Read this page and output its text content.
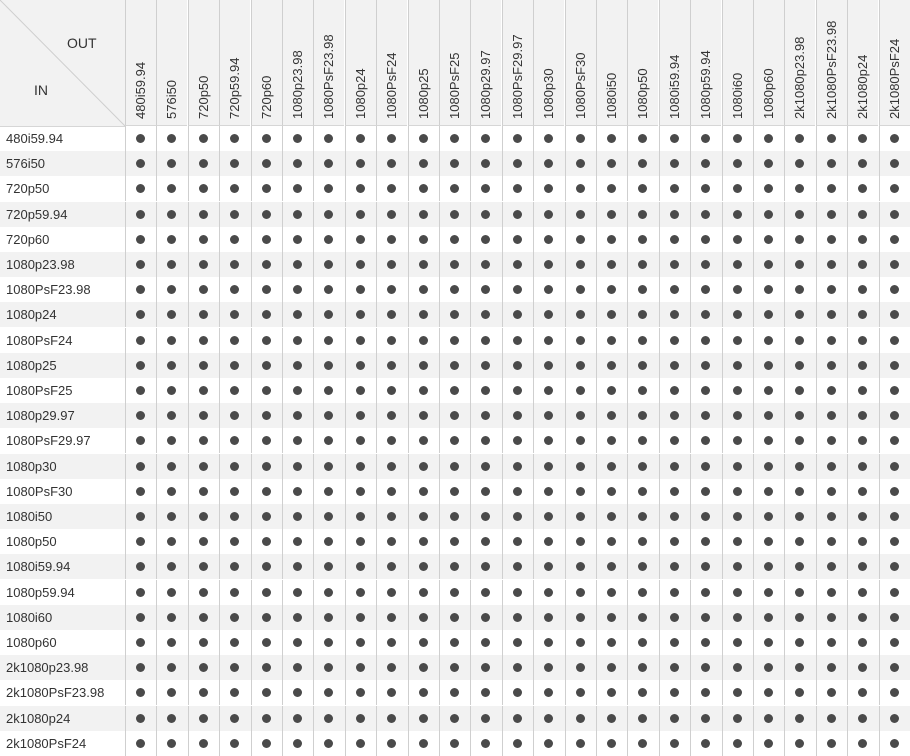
OUT
IN	480i59.94 576i50 720p50 720p59.94 720p60 1080p23.98 1080PsF23.98 1080p24 1080PsF24 1080p25 1080PsF25 1080p29.97 1080PsF29.97 1080p30 1080PsF30 1080i50 1080p50 1080i59.94 1080p59.94 1080i60 1080p60 2k1080p23.98 2k1080PsF23.98 2k1080p24 2k1080PsF24
480i59.94
576i50
720p50
720p59.94
720p60
1080p23.98
1080PsF23.98
1080p24
1080PsF24
1080p25
1080PsF25
1080p29.97
1080PsF29.97
1080p30
1080PsF30
1080i50
1080p50
1080i59.94
1080p59.94
1080i60
1080p60
2k1080p23.98
2k1080PsF23.98
2k1080p24
2k1080PsF24
